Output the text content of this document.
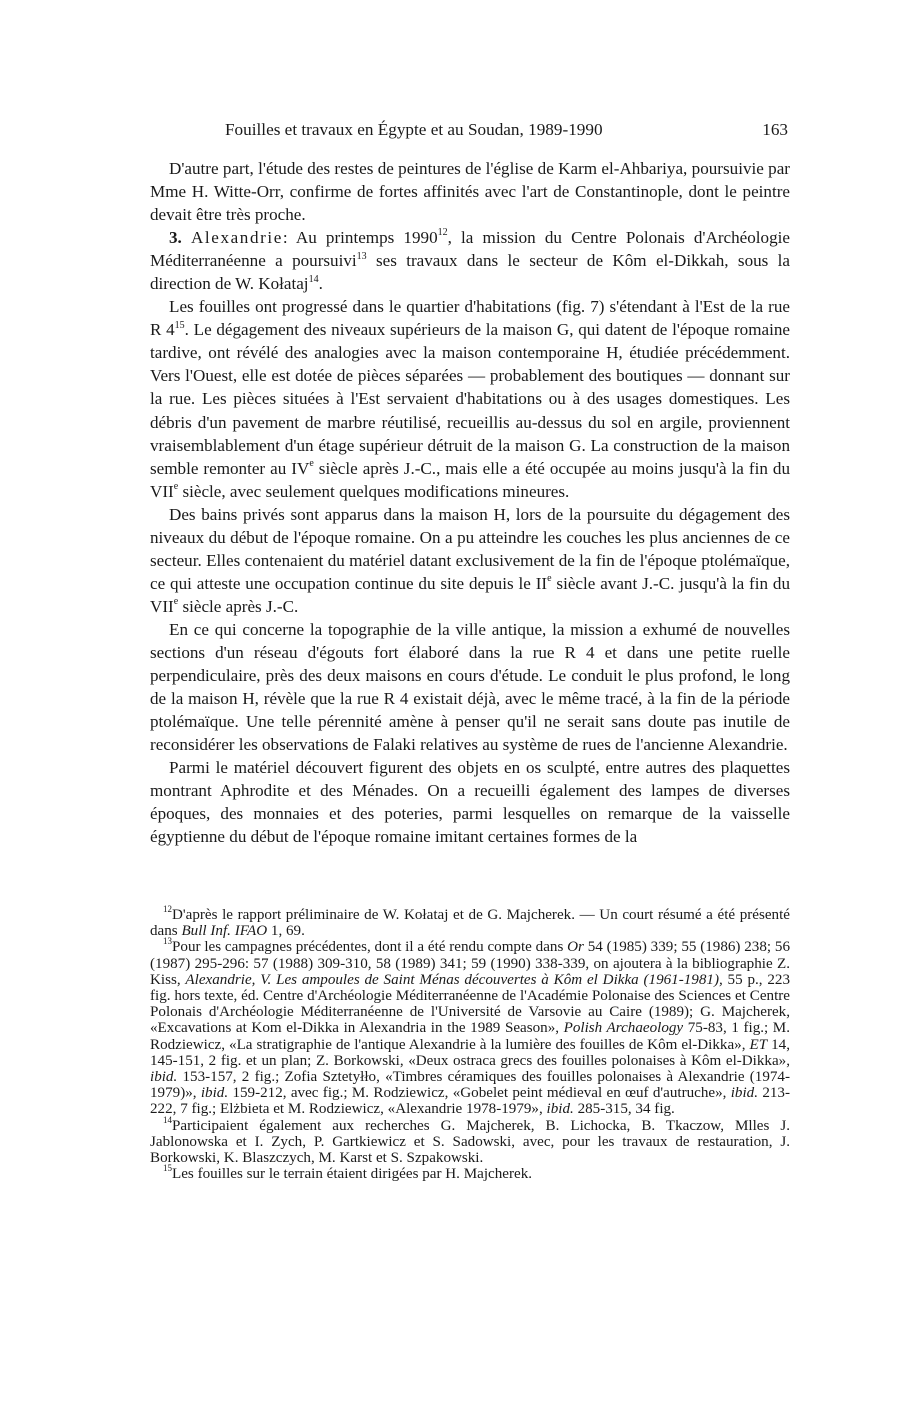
Fouilles et travaux en Égypte et au Soudan, 1989-1990	163

D'autre part, l'étude des restes de peintures de l'église de Karm el-Ahbariya, poursuivie par Mme H. Witte-Orr, confirme de fortes affinités avec l'art de Constantinople, dont le peintre devait être très proche.

3. Alexandrie: Au printemps 1990$^{12}$, la mission du Centre Polonais d'Archéologie Méditerranéenne a poursuivi$^{13}$ ses travaux dans le secteur de Kôm el-Dikkah, sous la direction de W. Kołataj$^{14}$.

Les fouilles ont progressé dans le quartier d'habitations (fig. 7) s'étendant à l'Est de la rue R $4^{15}$. Le dégagement des niveaux supérieurs de la maison G, qui datent de l'époque romaine tardive, ont révélé des analogies avec la maison contemporaine H, étudiée précédemment. Vers l'Ouest, elle est dotée de pièces séparées — probablement des boutiques — donnant sur la rue. Les pièces situées à l'Est servaient d'habitations ou à des usages domestiques. Les débris d'un pavement de marbre réutilisé, recueillis au-dessus du sol en argile, proviennent vraisemblablement d'un étage supérieur détruit de la maison G. La construction de la maison semble remonter au IVe siècle après J.-C., mais elle a été occupée au moins jusqu'à la fin du VIIe siècle, avec seulement quelques modifications mineures.

Des bains privés sont apparus dans la maison H, lors de la poursuite du dégagement des niveaux du début de l'époque romaine. On a pu atteindre les couches les plus anciennes de ce secteur. Elles contenaient du matériel datant exclusivement de la fin de l'époque ptolémaïque, ce qui atteste une occupation continue du site depuis le IIe siècle avant J.-C. jusqu'à la fin du VIIe siècle après J.-C.

En ce qui concerne la topographie de la ville antique, la mission a exhumé de nouvelles sections d'un réseau d'égouts fort élaboré dans la rue R 4 et dans une petite ruelle perpendiculaire, près des deux maisons en cours d'étude. Le conduit le plus profond, le long de la maison H, révèle que la rue R 4 existait déjà, avec le même tracé, à la fin de la période ptolémaïque. Une telle pérennité amène à penser qu'il ne serait sans doute pas inutile de reconsidérer les observations de Falaki relatives au système de rues de l'ancienne Alexandrie.

Parmi le matériel découvert figurent des objets en os sculpté, entre autres des plaquettes montrant Aphrodite et des Ménades. On a recueilli également des lampes de diverses époques, des monnaies et des poteries, parmi lesquelles on remarque de la vaisselle égyptienne du début de l'époque romaine imitant certaines formes de la

$^{12}$D'après le rapport préliminaire de W. Kołataj et de G. Majcherek. — Un court résumé a été présenté dans Bull Inf. IFAO 1, 69.

$^{13}$Pour les campagnes précédentes, dont il a été rendu compte dans Or 54 (1985) 339; 55 (1986) 238; 56 (1987) 295-296: 57 (1988) 309-310, 58 (1989) 341; 59 (1990) 338-339, on ajoutera à la bibliographie Z. Kiss, Alexandrie, V. Les ampoules de Saint Ménas découvertes à Kôm el Dikka (1961-1981), 55 p., 223 fig. hors texte, éd. Centre d'Archéologie Méditerranéenne de l'Académie Polonaise des Sciences et Centre Polonais d'Archéologie Méditerranéenne de l'Université de Varsovie au Caire (1989); G. Majcherek, «Excavations at Kom el-Dikka in Alexandria in the 1989 Season», Polish Archaeology 75-83, 1 fig.; M. Rodziewicz, «La stratigraphie de l'antique Alexandrie à la lumière des fouilles de Kôm el-Dikka», ET 14, 145-151, 2 fig. et un plan; Z. Borkowski, «Deux ostraca grecs des fouilles polonaises à Kôm el-Dikka», ibid. 153-157, 2 fig.; Zofia Sztetyłło, «Timbres céramiques des fouilles polonaises à Alexandrie (1974-1979)», ibid. 159-212, avec fig.; M. Rodziewicz, «Gobelet peint médieval en œuf d'autruche», ibid. 213-222, 7 fig.; Elżbieta et M. Rodziewicz, «Alexandrie 1978-1979», ibid. 285-315, 34 fig.

$^{14}$Participaient également aux recherches G. Majcherek, B. Lichocka, B. Tkaczow, Mlles J. Jablonowska et I. Zych, P. Gartkiewicz et S. Sadowski, avec, pour les travaux de restauration, J. Borkowski, K. Blaszczych, M. Karst et S. Szpakowski.

$^{15}$Les fouilles sur le terrain étaient dirigées par H. Majcherek.
